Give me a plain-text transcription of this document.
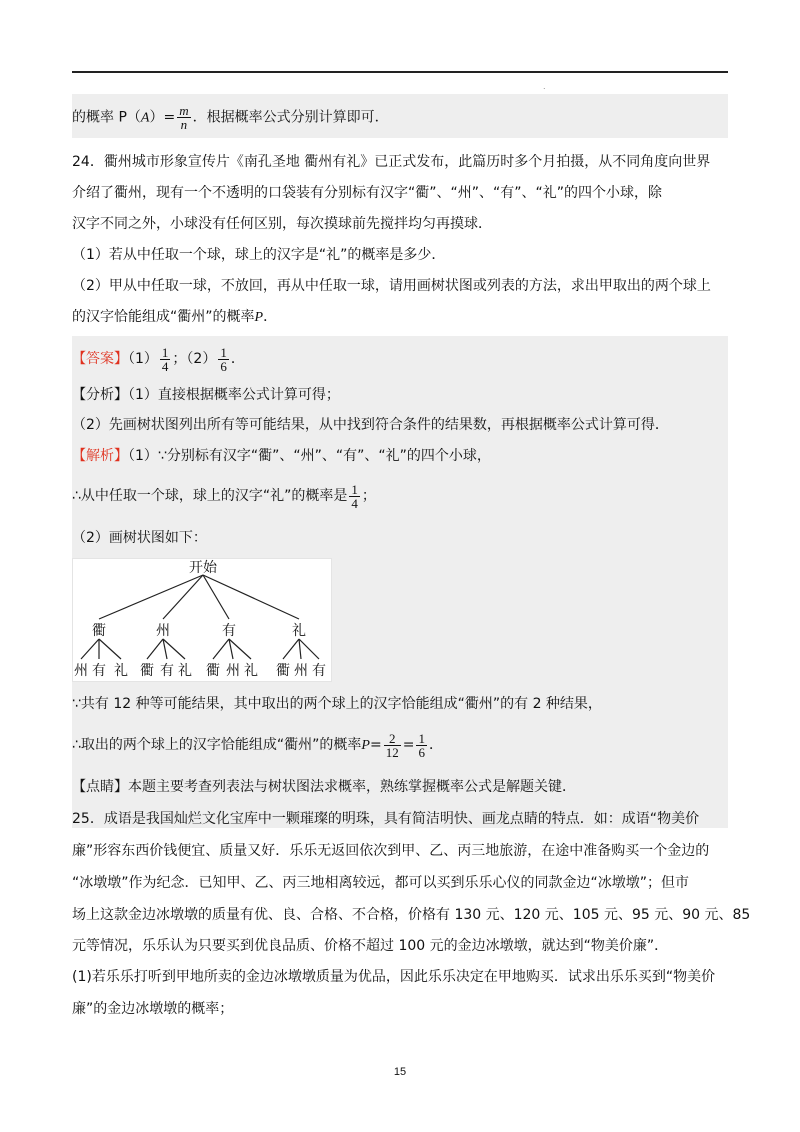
.
的概率 $P(A)= \frac{m}{n}$ ．根据概率公式分别计算即可．
24．衢州城市形象宣传片《南孔圣地 衢州有礼》已正式发布，此篇历时多个月拍摄，从不同角度向世界
介绍了衢州，现有一个不透明的口袋装有分别标有汉字“衢”、“州”、“有”、“礼”的四个小球，除
汉字不同之外，小球没有任何区别，每次摸球前先搅拌均匀再摸球．
（1）若从中任取一个球，球上的汉字是“礼”的概率是多少．
（2）甲从中任取一球，不放回，再从中任取一球，请用画树状图或列表的方法，求出甲取出的两个球上
的汉字恰能组成“衢州”的概率P．
【答案】$(1) \frac{1}{4}$ ；$(2) \frac{1}{6}$ ．
【分析】（1）直接根据概率公式计算可得；
（2）先画树状图列出所有等可能结果，从中找到符合条件的结果数，再根据概率公式计算可得．
【解析】（1）∵分别标有汉字“衢”、“州”、“有”、“礼”的四个小球，
∴从中任取一个球，球上的汉字“礼”的概率是 $\frac{1}{4}$ ；
（2）画树状图如下：
开始
衢	州	有	礼
州 有 礼 衢 有 礼 衢 州 礼 衢 州 有
∵共有 12 种等可能结果，其中取出的两个球上的汉字恰能组成“衢州”的有 2 种结果，
∴取出的两个球上的汉字恰能组成“衢州”的概率$P= \frac{2}{12} = \frac{1}{6}$ ．
【点睛】本题主要考查列表法与树状图法求概率，熟练掌握概率公式是解题关键．
25．成语是我国灿烂文化宝库中一颗璀璨的明珠，具有简洁明快、画龙点睛的特点．如：成语“物美价
廉”形容东西价钱便宜、质量又好．乐乐无返回依次到甲、乙、丙三地旅游，在途中准备购买一个金边的
“冰墩墩”作为纪念．已知甲、乙、丙三地相离较远，都可以买到乐乐心仪的同款金边“冰墩墩”；但市
场上这款金边冰墩墩的质量有优、良、合格、不合格，价格有 130 元、120 元、105 元、95 元、90 元、85
元等情况，乐乐认为只要买到优良品质、价格不超过 100 元的金边冰墩墩，就达到“物美价廉”．
(1)若乐乐打听到甲地所卖的金边冰墩墩质量为优品，因此乐乐决定在甲地购买．试求出乐乐买到“物美价
廉”的金边冰墩墩的概率；
15
